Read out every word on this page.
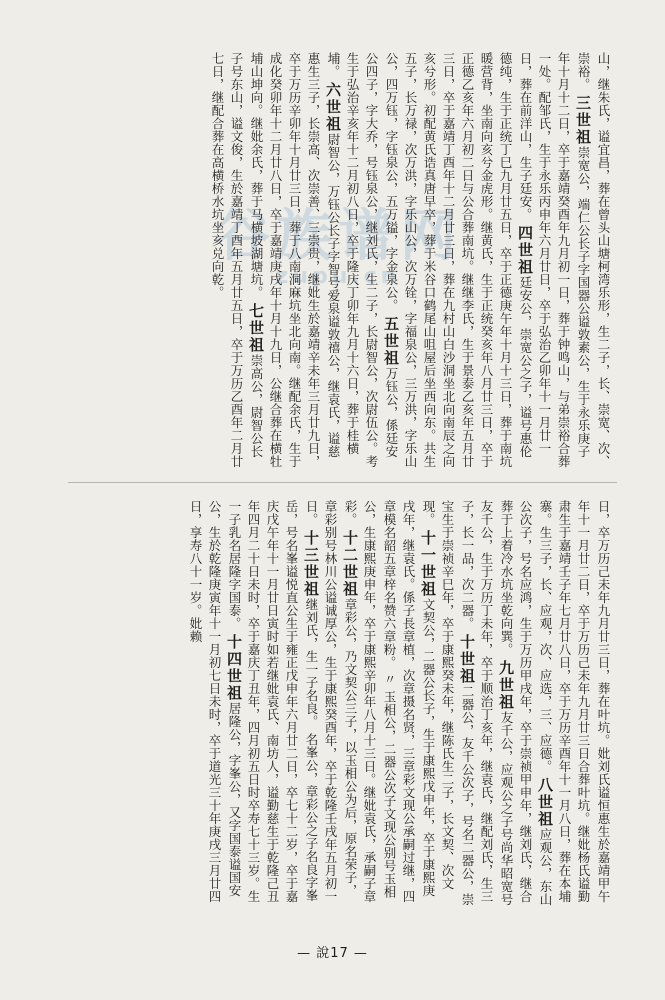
谷族谱网
zupu.cn	山，继朱氏，谥宜昌，葬在曾头山塘柯湾乐形，生二子，长、崇宽、次、崇裕。 三世祖崇宽公，端仁公长子字国器公谥敦素公，生于永乐庚子年十月十二日，卒于嘉靖癸酉年九月初一日，葬于钟鸣山，与弟崇裕合葬一处。配邹氏，生于永乐丙申年六月廿日，卒于弘治乙卯年十一月廿一日，葬在前洋山，生子廷安。 四世祖廷安公，崇宽公之子，谥号惠伦德纯，生于正统丁巳九月廿五日，卒于正德庚午年十月十三日，葬于南坑暖营背，坐南向亥兮金虎形。继黄氏，生于正统癸亥年八月廿三日，卒于正德乙亥年六月初二日与公合葬南坑。继继李氏，生于景泰乙亥年五月廿三日，卒于嘉靖丁酉年十二月廿三日，葬在九村山白沙洞坐北向南辰之向亥兮形。初配黄氏诰真唐早卒，葬于米谷口鹤尾山咀屋后坐西向东。共生五子，长万禄，次万洪，字乐山公，次万铨，字福泉公，三万洪，字乐山公，四万钰，字钰泉公，五万镒，字金泉公。 五世祖万钰公，係廷安公四子，字大乔，号钰泉公，继刘氏，生二子，长尉智公，次尉伍公。考生于弘治辛亥年十二月初八日，卒于隆庆丁卯年九月十六日，葬于桂横埔。 六世祖尉智公，万钰公长子字智号爱泉谥敦禧公，继袁氏，谥慈惠生三子，长崇高、次崇善、三崇贵，继妣生於嘉靖辛未年三月廿九日，卒于万历辛卯年十月廿三日，葬于八南洞麻坑坐北向南。继配余氏，生于成化癸卯年十二月廿八日，卒于嘉靖庚戌年十月十九日，公继合葬在横牡埔山坤向。继妣余氏，葬于马横坡湖塘坑。 七世祖崇高公，尉智公长子号东山，谥文俊，生於嘉靖丁酉年五月廿五日，卒于万历乙酉年二月廿七日，继配合葬在高横桥水坑坐亥兑向乾。
日，卒万历己未年九月廿三日，葬在叶坑。妣刘氏谥恒惠生於嘉靖甲午年十一月廿二日，卒于万历己未年九月廿三日合葬叶坑。继妣杨氏谥勤肃生于嘉靖壬子年七月廿八日，卒于万历辛酉年十一月八日，葬在本埔寨。生三子，长、应观，次、应选，三、应德。 八世祖应观公，东山公次子，号名应鸿，生于万历甲戌年，卒于崇祯甲申年，继刘氏，继合葬于上着冷水坑坐乾向巽。 九世祖友千公，应观公之子号尚华昭宽号友千公，生于万历丁未年，卒于顺治丁亥年，继袁氏，继配刘氏，生三子，长一品，次二器。 十世祖二器公，友千公次子，号名二器公，崇宝生于崇祯辛巳年，卒于康熙癸未年，继陈氏生二子，长文契、次文现。 十一世祖文契公，二器公长子，生于康熙戊申年，卒于康熙庚戌年，继袁氏。係子長章植，次章摄名贤，三章彩文现公承嗣过继，四章模名韶五章梓名赞六章粉。 〃 玉相公，二器公次子文现公别号玉相公，生康熙庚申年，卒于康熙辛卯年八月十三日。继妣袁氏，承嗣子章彩。 十二世祖章彩公，乃文契公三子，以玉相公为后，原名荣子，章彩别号林川公谥诚厚公，生于康熙癸酉年，卒于乾隆壬戌年五月初一日。 十三世祖继刘氏，生一子名良。 名峯公，章彩公之子名良字峯岳，号名峯谥悦直公生于雍正戊申年六月廿二日，卒七十二岁，卒于嘉庆戊午年十一月廿日寅时如若继妣袁氏、南坊人，谥勤慈生于乾隆己丑年四月二十日未时，卒于嘉庆丁丑年，四月初五日时卒寿七十三岁。生一子乳名居隆字国泰。 十四世祖居隆公，字峯公，又字国泰谥国安公，生於乾隆庚寅年十一月初七日未时，卒于道光三十年庚戌三月廿四日，享寿八十一岁。妣赖
— 說17 —
